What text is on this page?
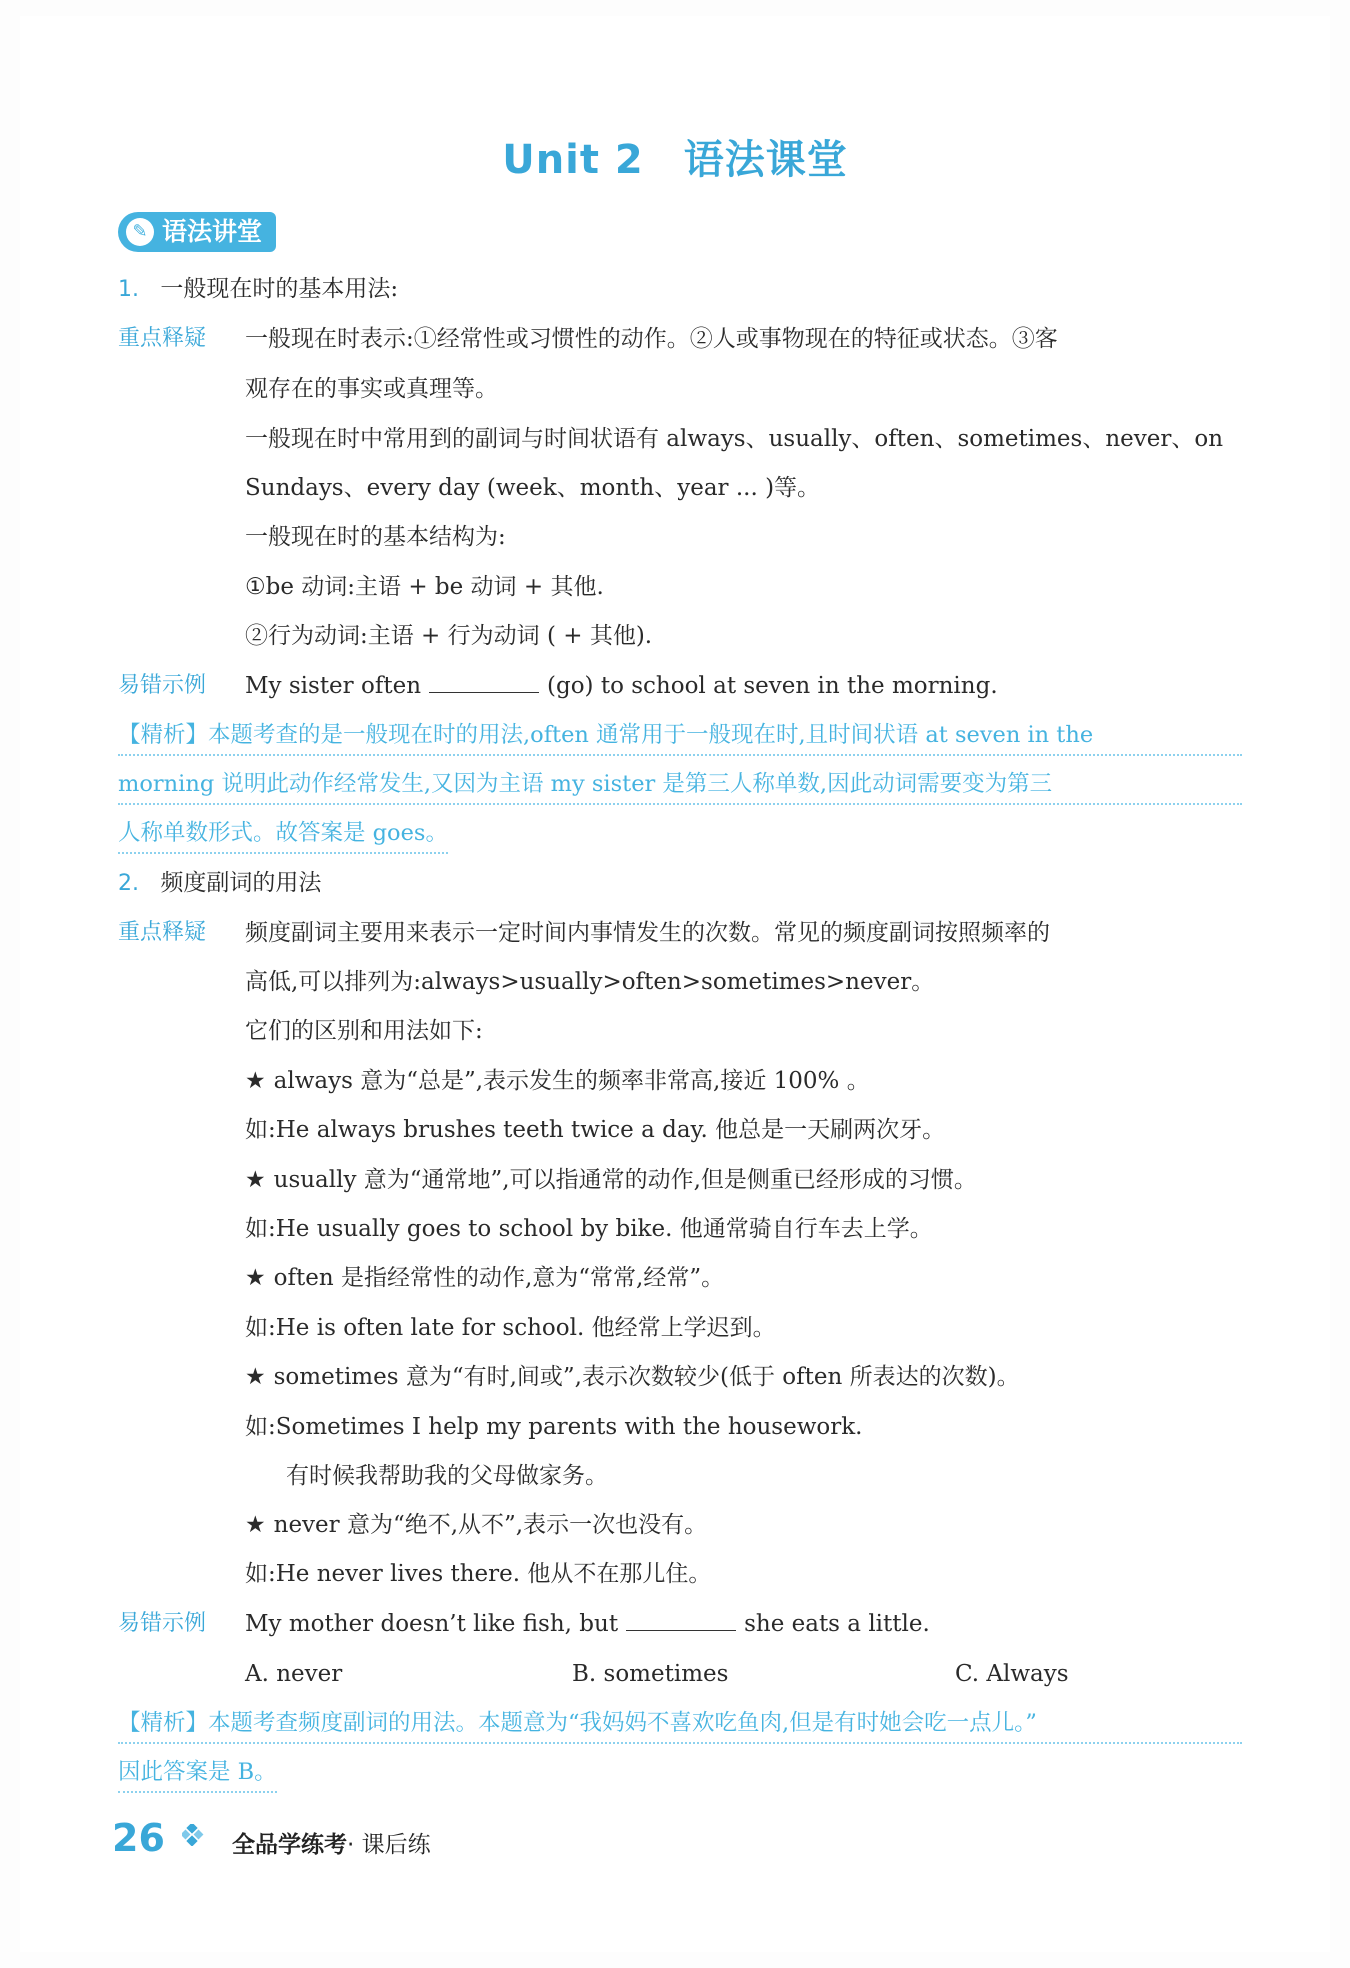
Unit 2 语法课堂
✎ 语法讲堂
1. 一般现在时的基本用法:
重点释疑 一般现在时表示:①经常性或习惯性的动作。②人或事物现在的特征或状态。③客
观存在的事实或真理等。
一般现在时中常用到的副词与时间状语有 always、usually、often、sometimes、never、on
Sundays、every day (week、month、year ... )等。
一般现在时的基本结构为:
①be 动词:主语 + be 动词 + 其他.
②行为动词:主语 + 行为动词 ( + 其他).
易错示例 My sister often	(go) to school at seven in the morning.
【精析】本题考查的是一般现在时的用法,often 通常用于一般现在时,且时间状语 at seven in the
morning 说明此动作经常发生,又因为主语 my sister 是第三人称单数,因此动词需要变为第三
人称单数形式。故答案是 goes。
2. 频度副词的用法
重点释疑 频度副词主要用来表示一定时间内事情发生的次数。常见的频度副词按照频率的
高低,可以排列为:always>usually>often>sometimes>never。
它们的区别和用法如下:
★ always 意为“总是”,表示发生的频率非常高,接近 100% 。
如:He always brushes teeth twice a day. 他总是一天刷两次牙。
★ usually 意为“通常地”,可以指通常的动作,但是侧重已经形成的习惯。
如:He usually goes to school by bike. 他通常骑自行车去上学。
★ often 是指经常性的动作,意为“常常,经常”。
如:He is often late for school. 他经常上学迟到。
★ sometimes 意为“有时,间或”,表示次数较少(低于 often 所表达的次数)。
如:Sometimes I help my parents with the housework.
有时候我帮助我的父母做家务。
★ never 意为“绝不,从不”,表示一次也没有。
如:He never lives there. 他从不在那儿住。
易错示例 My mother doesn’t like fish, but	she eats a little.
A. never	B. sometimes	C. Always
【精析】本题考查频度副词的用法。本题意为“我妈妈不喜欢吃鱼肉,但是有时她会吃一点儿。”
因此答案是 B。
26	全品学练考· 课后练
